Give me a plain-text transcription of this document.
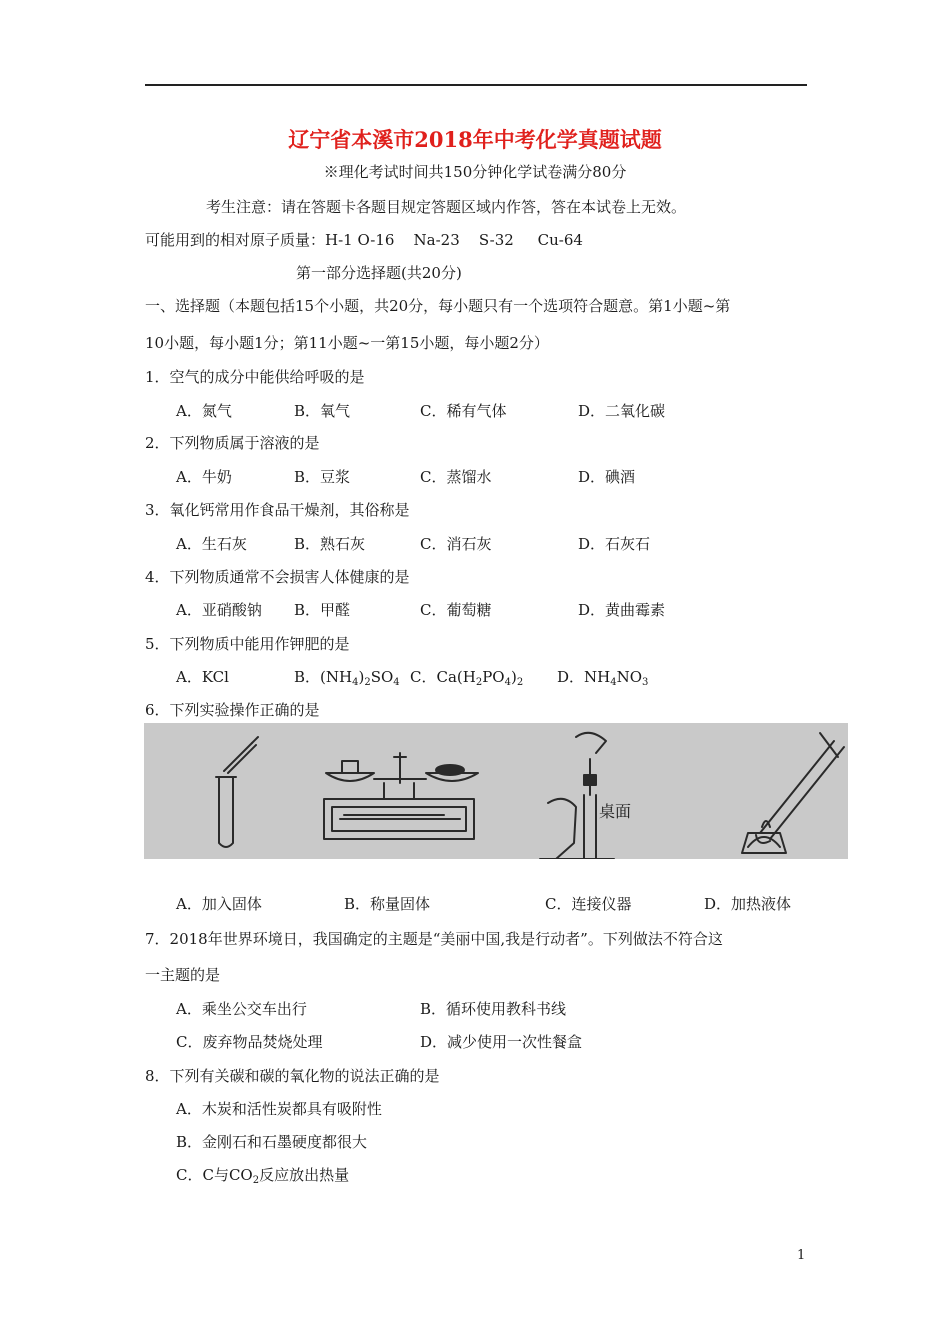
辽宁省本溪市2018年中考化学真题试题
※理化考试时间共150分钟化学试卷满分80分
考生注意：请在答题卡各题目规定答题区域内作答，答在本试卷上无效。
可能用到的相对原子质量：H-1 O-16    Na-23    S-32     Cu-64
第一部分选择题(共20分)
一、选择题（本题包括15个小题，共20分，每小题只有一个选项符合题意。第1小题~第
10小题，每小题1分；第11小题~一第15小题，每小题2分）
1．空气的成分中能供给呼吸的是
A．氮气	B．氧气	C．稀有气体	D．二氧化碳
2．下列物质属于溶液的是
A．牛奶	B．豆浆	C．蒸馏水	D．碘酒
3．氧化钙常用作食品干燥剂，其俗称是
A．生石灰	B．熟石灰	C．消石灰	D．石灰石
4．下列物质通常不会损害人体健康的是
A．亚硝酸钠 B．甲醛	C．葡萄糖	D．黄曲霉素
5．下列物质中能用作钾肥的是
A．KCl	B．$(NH_4)_2SO_4$ C．$Ca(H_2PO_4)_2$ D．$NH_4NO_3$
6．下列实验操作正确的是
桌面
A．加入固体	B．称量固体	C．连接仪器	D．加热液体
7．2018年世界环境日，我国确定的主题是“美丽中国,我是行动者”。下列做法不符合这
一主题的是
A．乘坐公交车出行	B．循环使用教科书线
C．废弃物品焚烧处理	D．减少使用一次性餐盒
8．下列有关碳和碳的氧化物的说法正确的是
A．木炭和活性炭都具有吸附性
B．金刚石和石墨硬度都很大
C．C与$CO_2$反应放出热量
1
